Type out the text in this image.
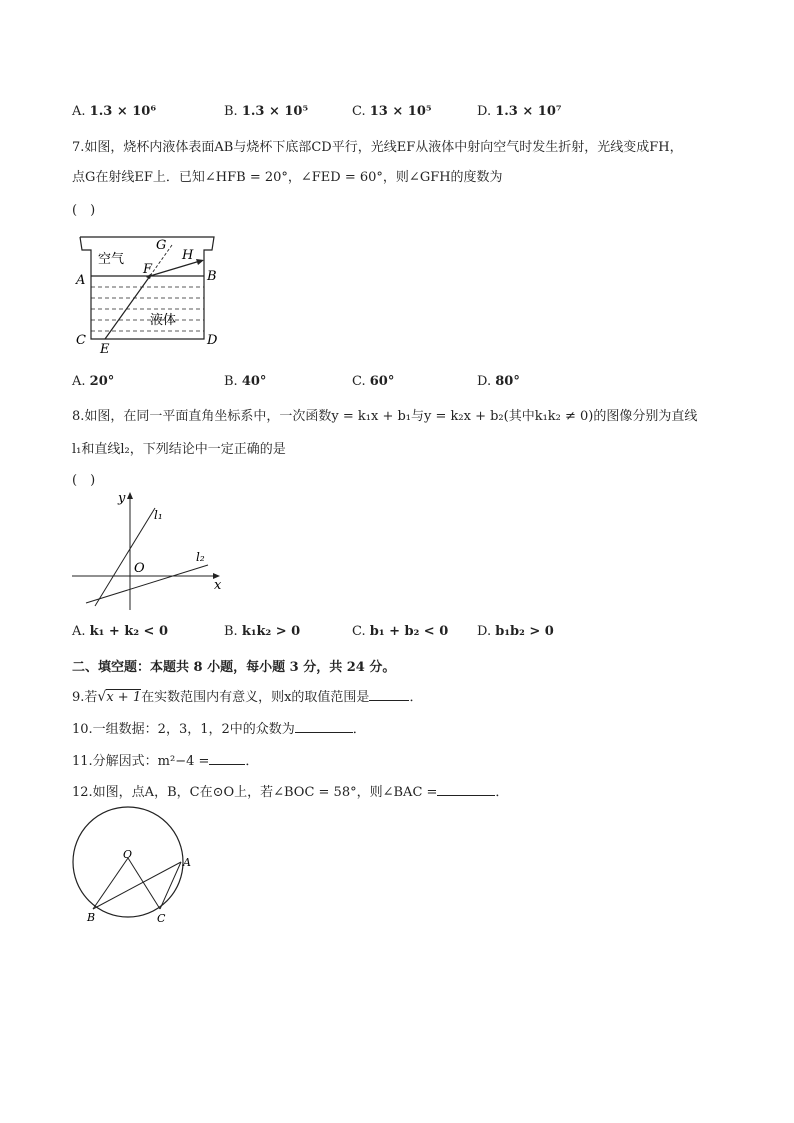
A. 1.3 × 10⁶	B. 1.3 × 10⁵	C. 13 × 10⁵	D. 1.3 × 10⁷
7.如图，烧杯内液体表面AB与烧杯下底部CD平行，光线EF从液体中射向空气时发生折射，光线变成FH，
点G在射线EF上．已知∠HFB = 20°，∠FED = 60°，则∠GFH的度数为
(　)
空气
液体
A	B
C	D
E
F
G
H
A. 20°	B. 40°	C. 60°	D. 80°
8.如图，在同一平面直角坐标系中，一次函数y = k₁x + b₁与y = k₂x + b₂(其中k₁k₂ ≠ 0)的图像分别为直线
l₁和直线l₂，下列结论中一定正确的是
(　)
y
x
O
l₁
l₂
A. k₁ + k₂ < 0	B. k₁k₂ > 0	C. b₁ + b₂ < 0 D. b₁b₂ > 0
二、填空题：本题共 8 小题，每小题 3 分，共 24 分。
9.若√x + 1在实数范围内有意义，则x的取值范围是	．
10.一组数据：2，3，1，2中的众数为	．
11.分解因式：m²−4 =	．
12.如图，点A，B，C在⊙O上，若∠BOC = 58°，则∠BAC =	．
O
A
B	C
